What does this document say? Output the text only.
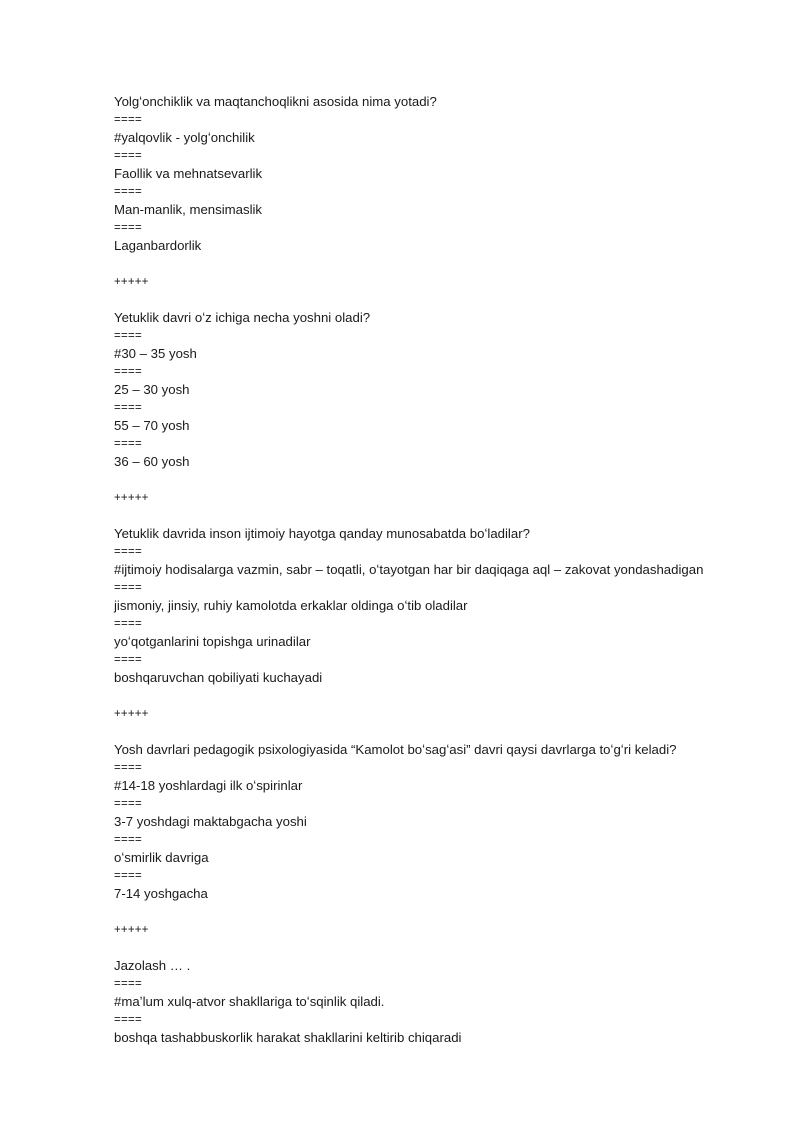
Yolgʻonchiklik va maqtanchoqlikni asosida nima yotadi?
====
#yalqovlik - yolgʻonchilik
====
Faollik va mehnatsevarlik
====
Man-manlik, mensimaslik
====
Laganbardorlik
+++++
Yetuklik davri oʻz ichiga necha yoshni oladi?
====
#30 – 35 yosh
====
25 – 30 yosh
====
55 – 70 yosh
====
36 – 60 yosh
+++++
Yetuklik davrida inson ijtimoiy hayotga qanday munosabatda boʻladilar?
====
#ijtimoiy hodisalarga vazmin, sabr – toqatli, oʻtayotgan har bir daqiqaga aql – zakovat yondashadigan
====
jismoniy, jinsiy, ruhiy kamolotda erkaklar oldinga oʻtib oladilar
====
yoʻqotganlarini topishga urinadilar
====
boshqaruvchan qobiliyati kuchayadi
+++++
Yosh davrlari pedagogik psixologiyasida “Kamolot boʻsagʻasi” davri qaysi davrlarga toʻgʻri keladi?
====
#14-18 yoshlardagi ilk oʻspirinlar
====
3-7 yoshdagi maktabgacha yoshi
====
oʻsmirlik davriga
====
7-14 yoshgacha
+++++
Jazolash … .
====
#maʼlum xulq-atvor shakllariga toʻsqinlik qiladi.
====
boshqa tashabbuskorlik harakat shakllarini keltirib chiqaradi
